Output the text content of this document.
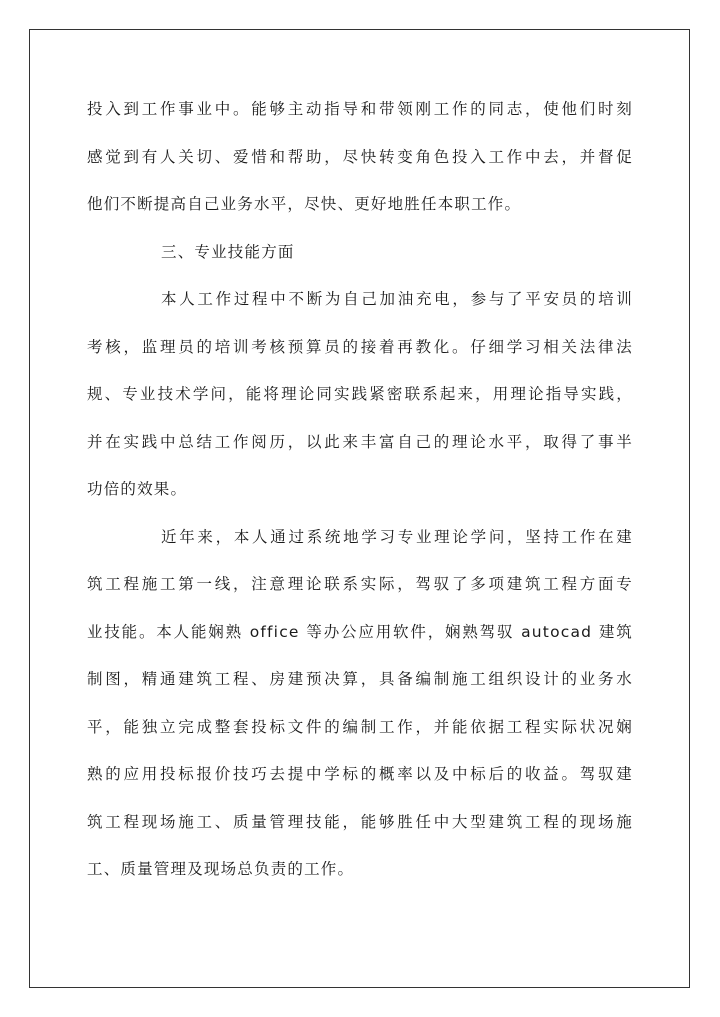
投入到工作事业中。能够主动指导和带领刚工作的同志，使他们时刻
感觉到有人关切、爱惜和帮助，尽快转变角色投入工作中去，并督促
他们不断提高自己业务水平，尽快、更好地胜任本职工作。
三、专业技能方面
本人工作过程中不断为自己加油充电，参与了平安员的培训
考核，监理员的培训考核预算员的接着再教化。仔细学习相关法律法
规、专业技术学问，能将理论同实践紧密联系起来，用理论指导实践，
并在实践中总结工作阅历，以此来丰富自己的理论水平，取得了事半
功倍的效果。
近年来，本人通过系统地学习专业理论学问，坚持工作在建
筑工程施工第一线，注意理论联系实际，驾驭了多项建筑工程方面专
业技能。本人能娴熟 office 等办公应用软件，娴熟驾驭 autocad 建筑
制图，精通建筑工程、房建预决算，具备编制施工组织设计的业务水
平，能独立完成整套投标文件的编制工作，并能依据工程实际状况娴
熟的应用投标报价技巧去提中学标的概率以及中标后的收益。驾驭建
筑工程现场施工、质量管理技能，能够胜任中大型建筑工程的现场施
工、质量管理及现场总负责的工作。
